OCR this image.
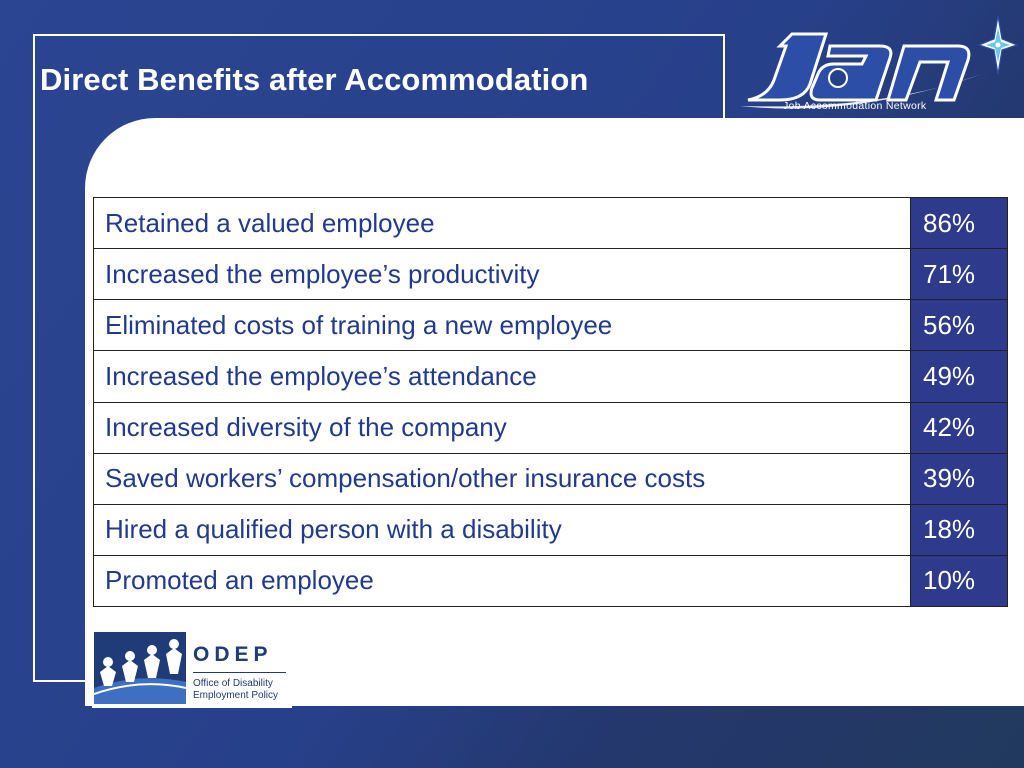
Direct Benefits after Accommodation
Job Accommodation Network
Retained a valued employee	86%
Increased the employee’s productivity	71%
Eliminated costs of training a new employee	56%
Increased the employee’s attendance	49%
Increased diversity of the company	42%
Saved workers’ compensation/other insurance costs	39%
Hired a qualified person with a disability	18%
Promoted an employee	10%
ODEP
Office of Disability
Employment Policy
